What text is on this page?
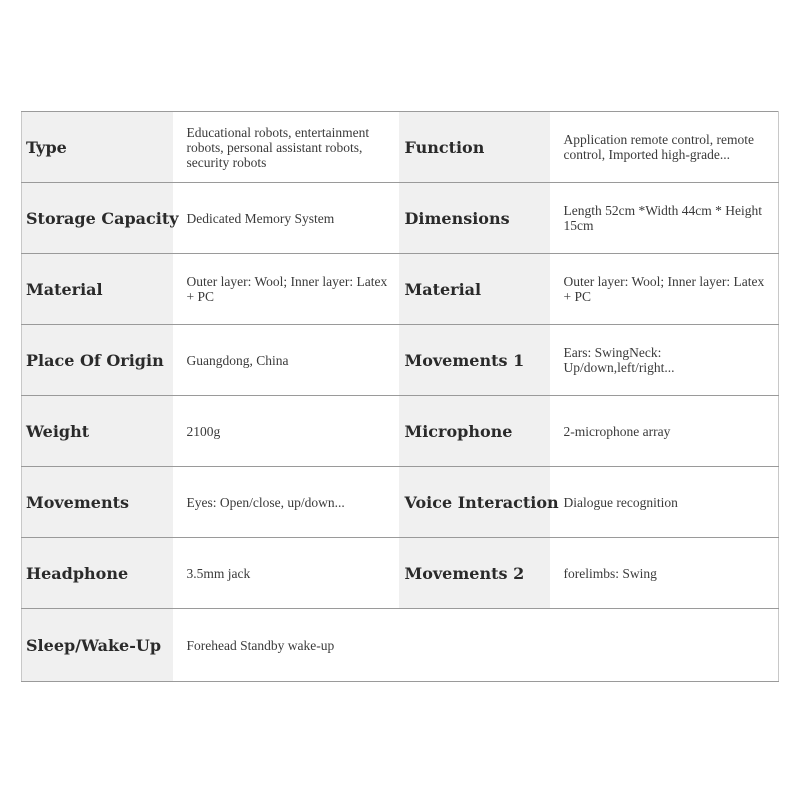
Type	Educational robots, entertainment robots, personal assistant robots, security robots	Function	Application remote control, remote control, Imported high-grade...
Storage Capacity	Dedicated Memory System	Dimensions	Length 52cm *Width 44cm * Height 15cm
Material	Outer layer: Wool; Inner layer: Latex + PC	Material	Outer layer: Wool; Inner layer: Latex + PC
Place Of Origin	Guangdong, China	Movements 1	Ears: SwingNeck: Up/down,left/right...
Weight	2100g	Microphone	2-microphone array
Movements	Eyes: Open/close, up/down...	Voice Interaction	Dialogue recognition
Headphone	3.5mm jack	Movements 2	forelimbs: Swing
Sleep/Wake-Up	Forehead Standby wake-up		
